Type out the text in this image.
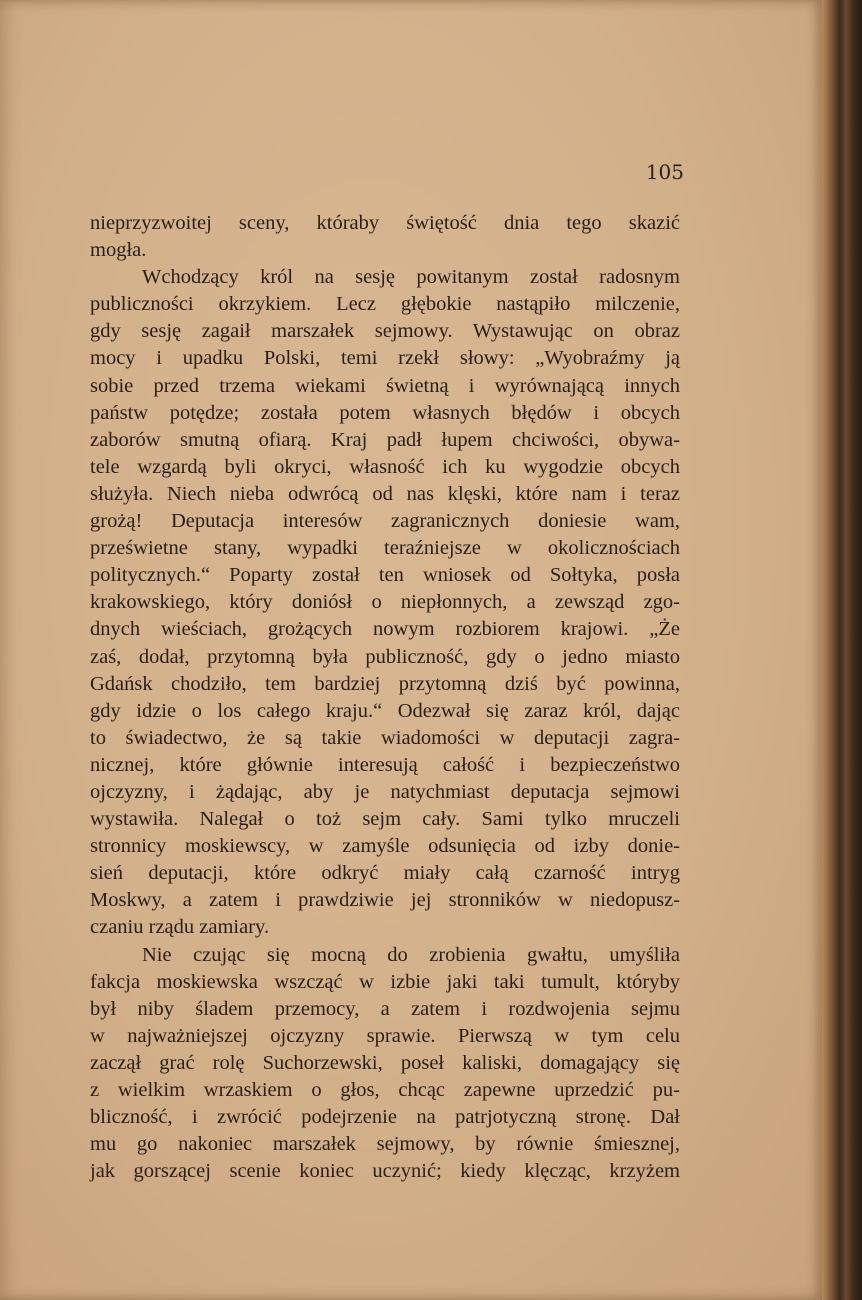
105
nieprzyzwoitej sceny, któraby świętość dnia tego skazić
mogła.
Wchodzący król na sesję powitanym został radosnym
publiczności okrzykiem. Lecz głębokie nastąpiło milczenie,
gdy sesję zagaił marszałek sejmowy. Wystawując on obraz
mocy i upadku Polski, temi rzekł słowy: „Wyobraźmy ją
sobie przed trzema wiekami świetną i wyrównającą innych
państw potędze; została potem własnych błędów i obcych
zaborów smutną ofiarą. Kraj padł łupem chciwości, obywa-
tele wzgardą byli okryci, własność ich ku wygodzie obcych
służyła. Niech nieba odwrócą od nas klęski, które nam i teraz
grożą! Deputacja interesów zagranicznych doniesie wam,
prześwietne stany, wypadki teraźniejsze w okolicznościach
politycznych.“ Poparty został ten wniosek od Sołtyka, posła
krakowskiego, który doniósł o niepłonnych, a zewsząd zgo-
dnych wieściach, grożących nowym rozbiorem krajowi. „Że
zaś, dodał, przytomną była publiczność, gdy o jedno miasto
Gdańsk chodziło, tem bardziej przytomną dziś być powinna,
gdy idzie o los całego kraju.“ Odezwał się zaraz król, dając
to świadectwo, że są takie wiadomości w deputacji zagra-
nicznej, które głównie interesują całość i bezpieczeństwo
ojczyzny, i żądając, aby je natychmiast deputacja sejmowi
wystawiła. Nalegał o toż sejm cały. Sami tylko mruczeli
stronnicy moskiewscy, w zamyśle odsunięcia od izby donie-
sień deputacji, które odkryć miały całą czarność intryg
Moskwy, a zatem i prawdziwie jej stronników w niedopusz-
czaniu rządu zamiary.
Nie czując się mocną do zrobienia gwałtu, umyśliła
fakcja moskiewska wszcząć w izbie jaki taki tumult, któryby
był niby śladem przemocy, a zatem i rozdwojenia sejmu
w najważniejszej ojczyzny sprawie. Pierwszą w tym celu
zaczął grać rolę Suchorzewski, poseł kaliski, domagający się
z wielkim wrzaskiem o głos, chcąc zapewne uprzedzić pu-
bliczność, i zwrócić podejrzenie na patrjotyczną stronę. Dał
mu go nakoniec marszałek sejmowy, by równie śmiesznej,
jak gorszącej scenie koniec uczynić; kiedy klęcząc, krzyżem
